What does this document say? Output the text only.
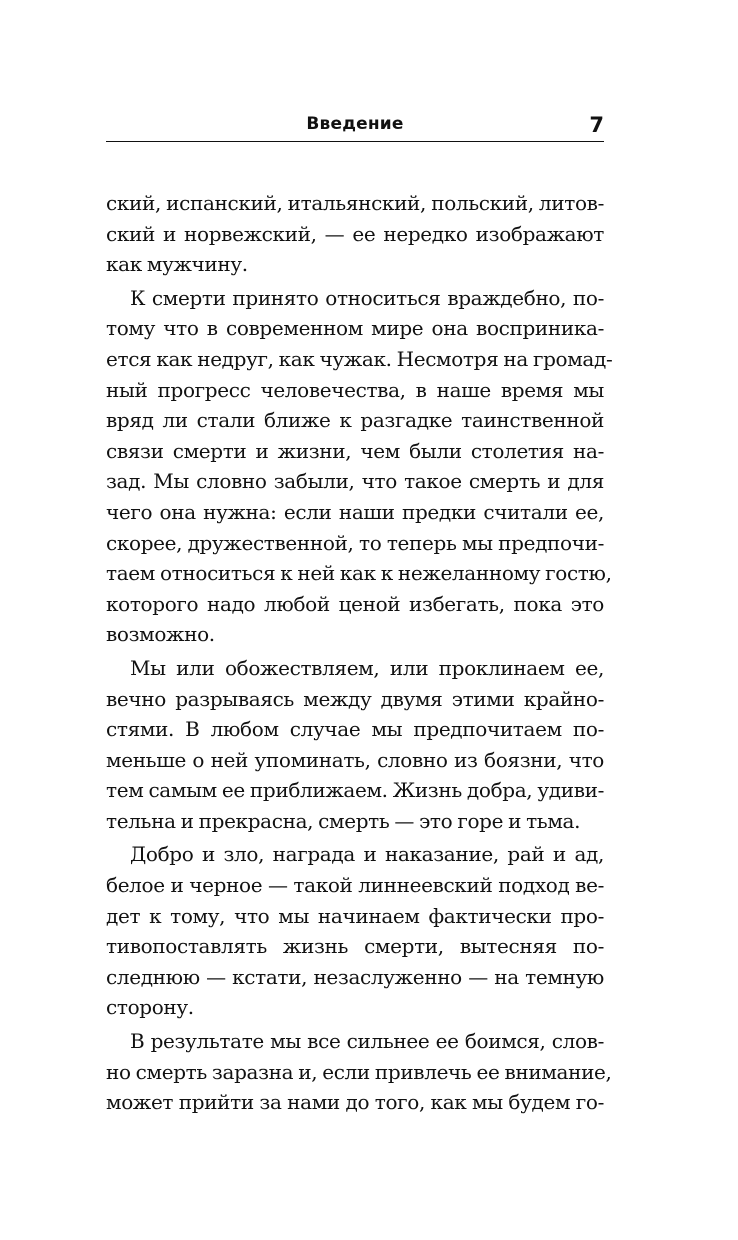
Введение	7
ский, испанский, итальянский, польский, литов-
ский и норвежский, — ее нередко изображают
как мужчину.
К смерти принято относиться враждебно, по-
тому что в современном мире она восприника-
ется как недруг, как чужак. Несмотря на громад-
ный прогресс человечества, в наше время мы
вряд ли стали ближе к разгадке таинственной
связи смерти и жизни, чем были столетия на-
зад. Мы словно забыли, что такое смерть и для
чего она нужна: если наши предки считали ее,
скорее, дружественной, то теперь мы предпочи-
таем относиться к ней как к нежеланному гостю,
которого надо любой ценой избегать, пока это
возможно.
Мы или обожествляем, или проклинаем ее,
вечно разрываясь между двумя этими крайно-
стями. В любом случае мы предпочитаем по-
меньше о ней упоминать, словно из боязни, что
тем самым ее приближаем. Жизнь добра, удиви-
тельна и прекрасна, смерть — это горе и тьма.
Добро и зло, награда и наказание, рай и ад,
белое и черное — такой линнеевский подход ве-
дет к тому, что мы начинаем фактически про-
тивопоставлять жизнь смерти, вытесняя по-
следнюю — кстати, незаслуженно — на темную
сторону.
В результате мы все сильнее ее боимся, слов-
но смерть заразна и, если привлечь ее внимание,
может прийти за нами до того, как мы будем го-
